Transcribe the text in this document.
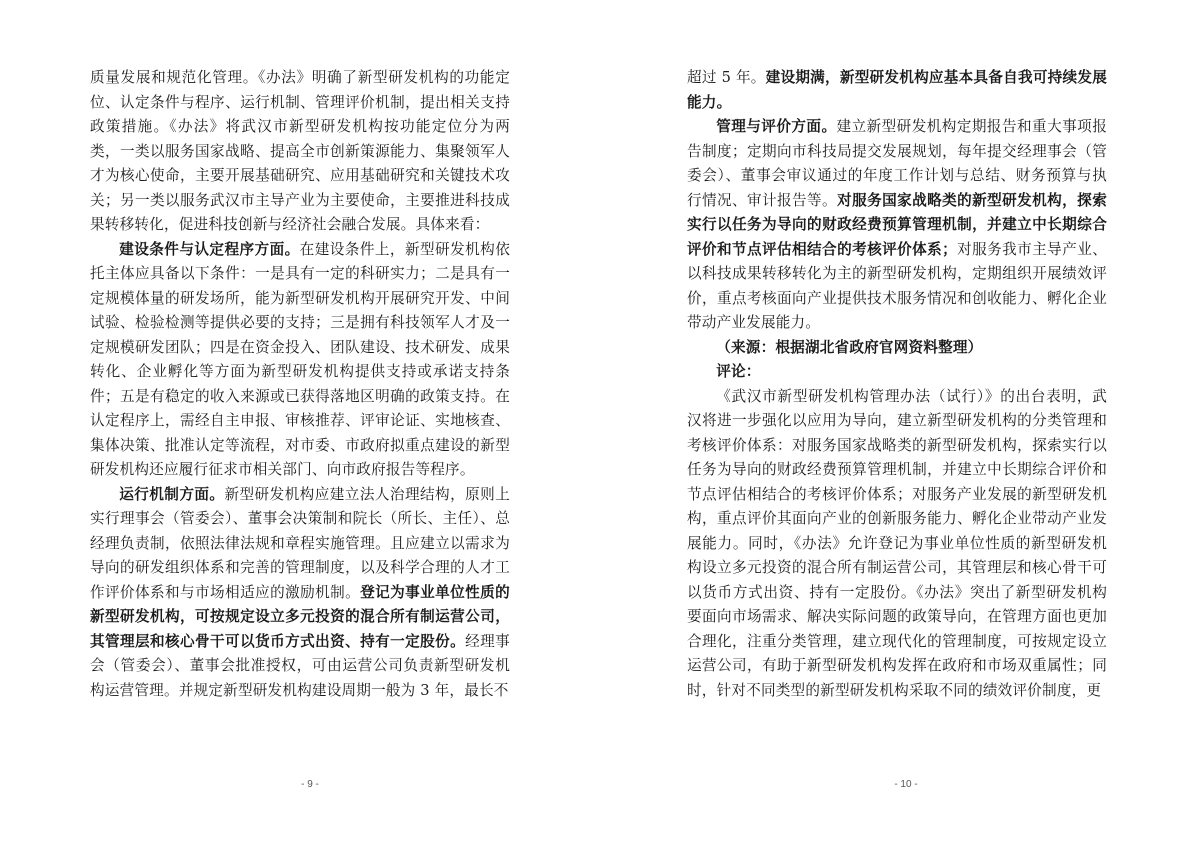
质量发展和规范化管理。《办法》明确了新型研发机构的功能定位、认定条件与程序、运行机制、管理评价机制，提出相关支持政策措施。《办法》将武汉市新型研发机构按功能定位分为两类，一类以服务国家战略、提高全市创新策源能力、集聚领军人才为核心使命，主要开展基础研究、应用基础研究和关键技术攻关；另一类以服务武汉市主导产业为主要使命，主要推进科技成果转移转化，促进科技创新与经济社会融合发展。具体来看：

建设条件与认定程序方面。在建设条件上，新型研发机构依托主体应具备以下条件：一是具有一定的科研实力；二是具有一定规模体量的研发场所，能为新型研发机构开展研究开发、中间试验、检验检测等提供必要的支持；三是拥有科技领军人才及一定规模研发团队；四是在资金投入、团队建设、技术研发、成果转化、企业孵化等方面为新型研发机构提供支持或承诺支持条件；五是有稳定的收入来源或已获得落地区明确的政策支持。在认定程序上，需经自主申报、审核推荐、评审论证、实地核查、集体决策、批准认定等流程，对市委、市政府拟重点建设的新型研发机构还应履行征求市相关部门、向市政府报告等程序。

运行机制方面。新型研发机构应建立法人治理结构，原则上实行理事会（管委会）、董事会决策制和院长（所长、主任）、总经理负责制，依照法律法规和章程实施管理。且应建立以需求为导向的研发组织体系和完善的管理制度，以及科学合理的人才工作评价体系和与市场相适应的激励机制。登记为事业单位性质的新型研发机构，可按规定设立多元投资的混合所有制运营公司，其管理层和核心骨干可以货币方式出资、持有一定股份。经理事会（管委会）、董事会批准授权，可由运营公司负责新型研发机构运营管理。并规定新型研发机构建设周期一般为 3 年，最长不

- 9 -

超过 5 年。建设期满，新型研发机构应基本具备自我可持续发展能力。

管理与评价方面。建立新型研发机构定期报告和重大事项报告制度；定期向市科技局提交发展规划，每年提交经理事会（管委会）、董事会审议通过的年度工作计划与总结、财务预算与执行情况、审计报告等。对服务国家战略类的新型研发机构，探索实行以任务为导向的财政经费预算管理机制，并建立中长期综合评价和节点评估相结合的考核评价体系；对服务我市主导产业、以科技成果转移转化为主的新型研发机构，定期组织开展绩效评价，重点考核面向产业提供技术服务情况和创收能力、孵化企业带动产业发展能力。

（来源：根据湖北省政府官网资料整理）

评论：

《武汉市新型研发机构管理办法（试行）》的出台表明，武汉将进一步强化以应用为导向，建立新型研发机构的分类管理和考核评价体系：对服务国家战略类的新型研发机构，探索实行以任务为导向的财政经费预算管理机制，并建立中长期综合评价和节点评估相结合的考核评价体系；对服务产业发展的新型研发机构，重点评价其面向产业的创新服务能力、孵化企业带动产业发展能力。同时，《办法》允许登记为事业单位性质的新型研发机构设立多元投资的混合所有制运营公司，其管理层和核心骨干可以货币方式出资、持有一定股份。《办法》突出了新型研发机构要面向市场需求、解决实际问题的政策导向，在管理方面也更加合理化，注重分类管理，建立现代化的管理制度，可按规定设立运营公司，有助于新型研发机构发挥在政府和市场双重属性；同时，针对不同类型的新型研发机构采取不同的绩效评价制度，更

- 10 -
